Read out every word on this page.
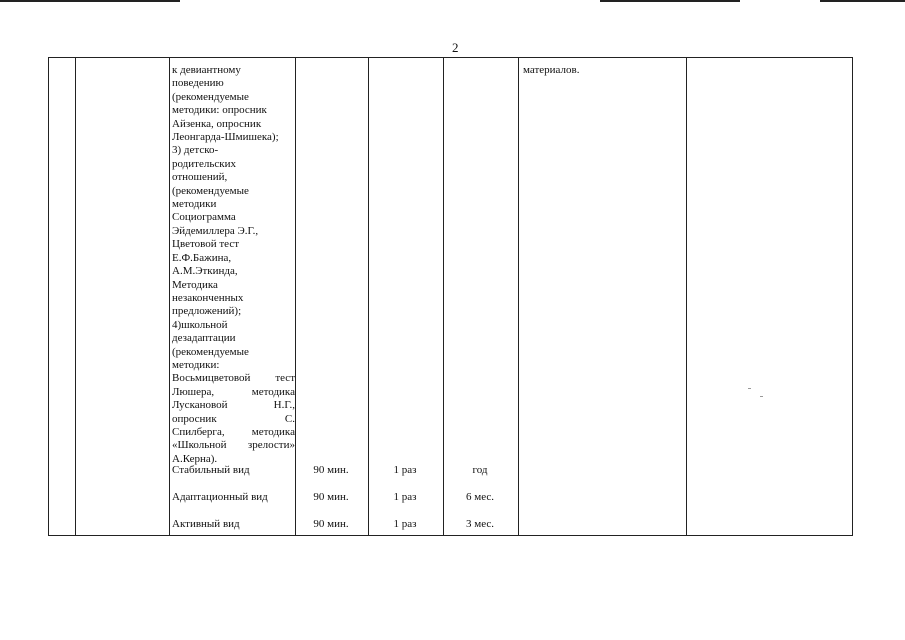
2
к девиантному
поведению
(рекомендуемые
методики: опросник
Айзенка, опросник
Леонгарда-Шмишека);
3) детско-
родительских
отношений,
(рекомендуемые
методики
Социограмма
Эйдемиллера Э.Г.,
Цветовой тест
Е.Ф.Бажина,
А.М.Эткинда,
Методика
незаконченных
предложений);
4)школьной
дезадаптации
(рекомендуемые
методики:
Восьмицветовой тест
Люшера, методика
Лускановой Н.Г.,
опросник С.
Спилберга, методика
«Школьной зрелости»
А.Керна).
материалов.
Стабильный вид	90 мин.	1 раз	год
Адаптационный вид	90 мин.	1 раз	6 мес.
Активный вид	90 мин.	1 раз	3 мес.
